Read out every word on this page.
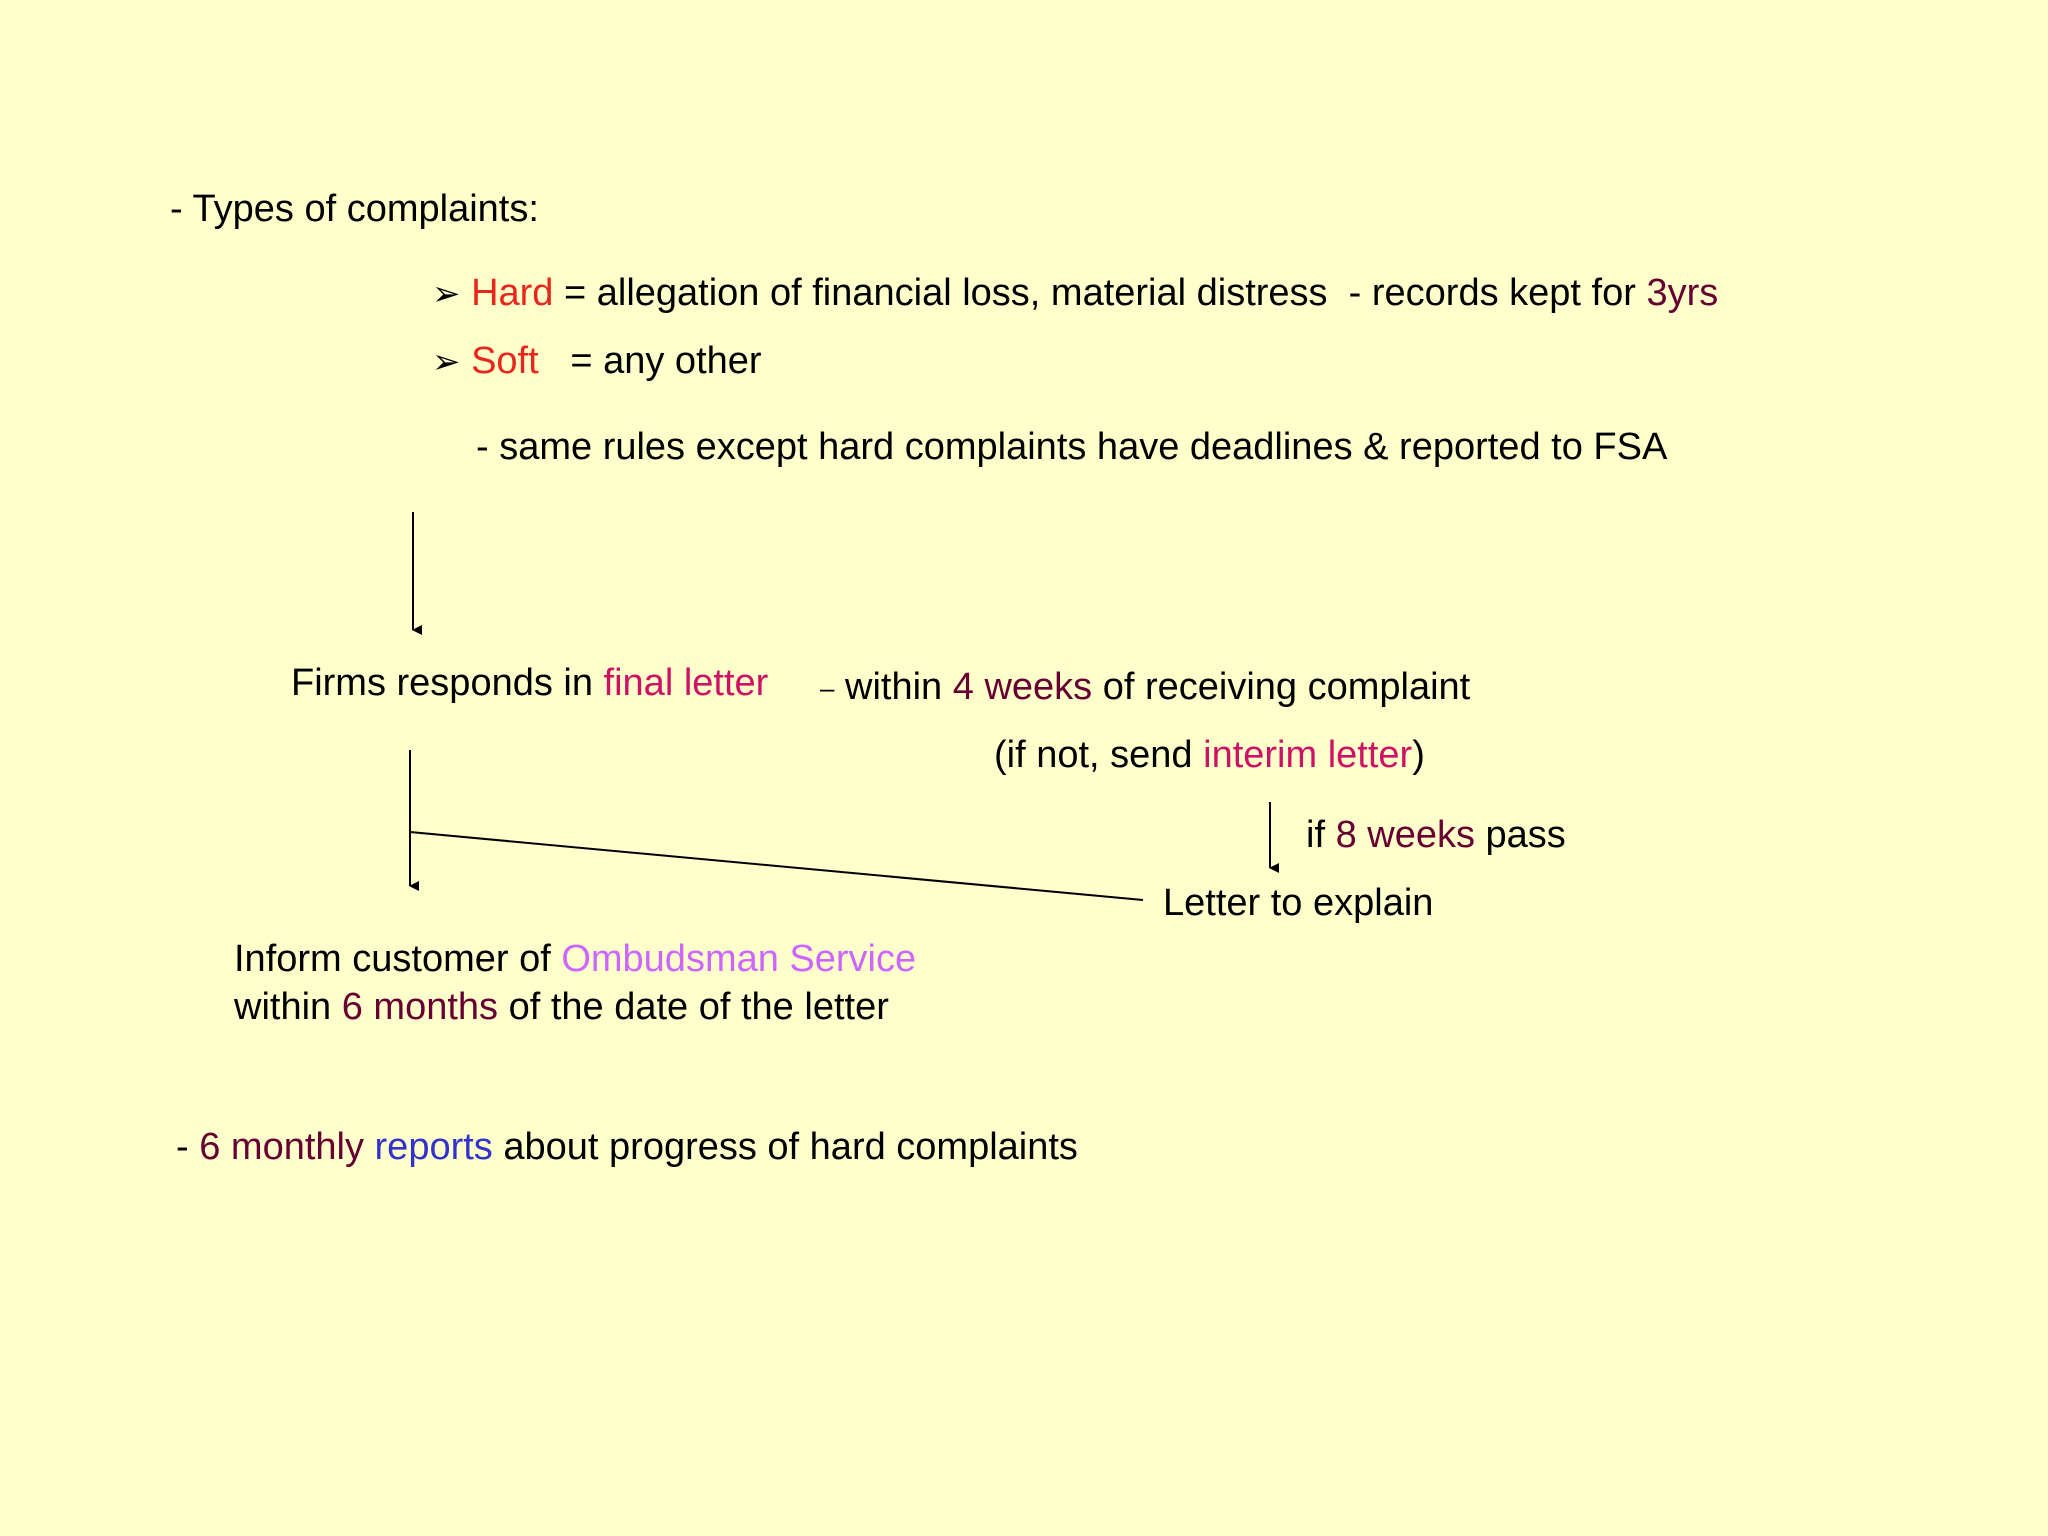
- Types of complaints:
➢ Hard = allegation of financial loss, material distress - records kept for 3yrs
➢ Soft = any other
- same rules except hard complaints have deadlines & reported to FSA
Firms responds in final letter – within 4 weeks of receiving complaint
(if not, send interim letter)
if 8 weeks pass
Letter to explain
Inform customer of Ombudsman Service
within 6 months of the date of the letter
- 6 monthly reports about progress of hard complaints
